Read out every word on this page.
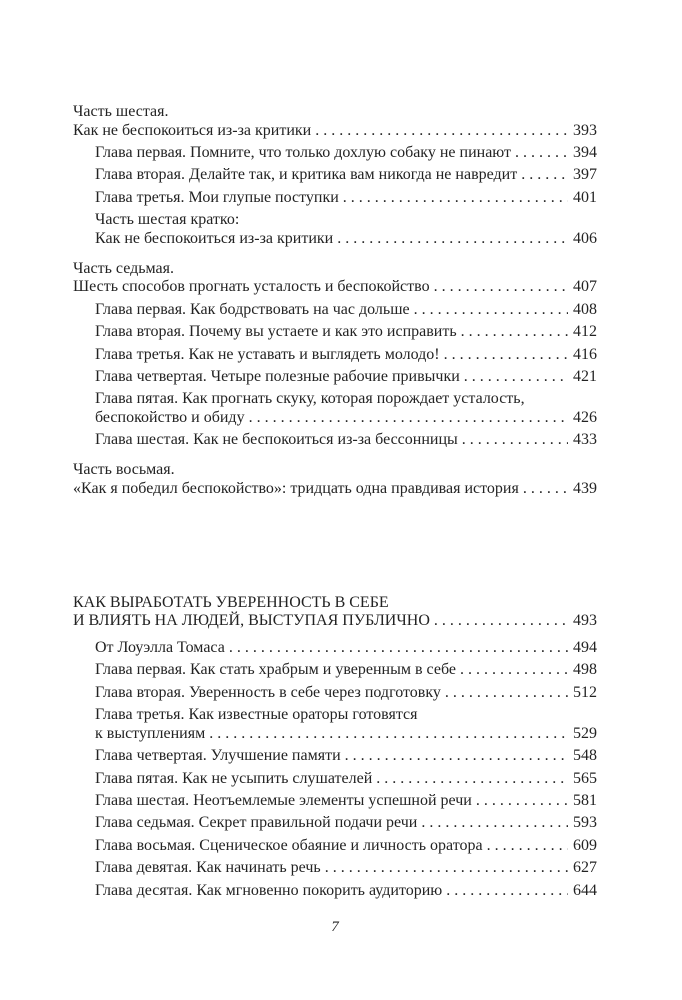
Часть шестая.
Как не беспокоиться из-за критики . . .	393
Глава первая. Помните, что только дохлую собаку не пинают . . .	394
Глава вторая. Делайте так, и критика вам никогда не навредит . . .	397
Глава третья. Мои глупые поступки . . .	401
Часть шестая кратко:
Как не беспокоиться из-за критики . . .	406
Часть седьмая.
Шесть способов прогнать усталость и беспокойство . . .	407
Глава первая. Как бодрствовать на час дольше . . .	408
Глава вторая. Почему вы устаете и как это исправить . . .	412
Глава третья. Как не уставать и выглядеть молодо! . . .	416
Глава четвертая. Четыре полезные рабочие привычки . . .	421
Глава пятая. Как прогнать скуку, которая порождает усталость,
беспокойство и обиду . . .	426
Глава шестая. Как не беспокоиться из-за бессонницы . . .	433
Часть восьмая.
«Как я победил беспокойство»: тридцать одна правдивая история . . .	439
КАК ВЫРАБОТАТЬ УВЕРЕННОСТЬ В СЕБЕ
И ВЛИЯТЬ НА ЛЮДЕЙ, ВЫСТУПАЯ ПУБЛИЧНО . . .	493
От Лоуэлла Томаса . . .	494
Глава первая. Как стать храбрым и уверенным в себе . . .	498
Глава вторая. Уверенность в себе через подготовку . . .	512
Глава третья. Как известные ораторы готовятся
к выступлениям . . .	529
Глава четвертая. Улучшение памяти . . .	548
Глава пятая. Как не усыпить слушателей . . .	565
Глава шестая. Неотъемлемые элементы успешной речи . . .	581
Глава седьмая. Секрет правильной подачи речи . . .	593
Глава восьмая. Сценическое обаяние и личность оратора . . .	609
Глава девятая. Как начинать речь . . .	627
Глава десятая. Как мгновенно покорить аудиторию . . .	644
7
